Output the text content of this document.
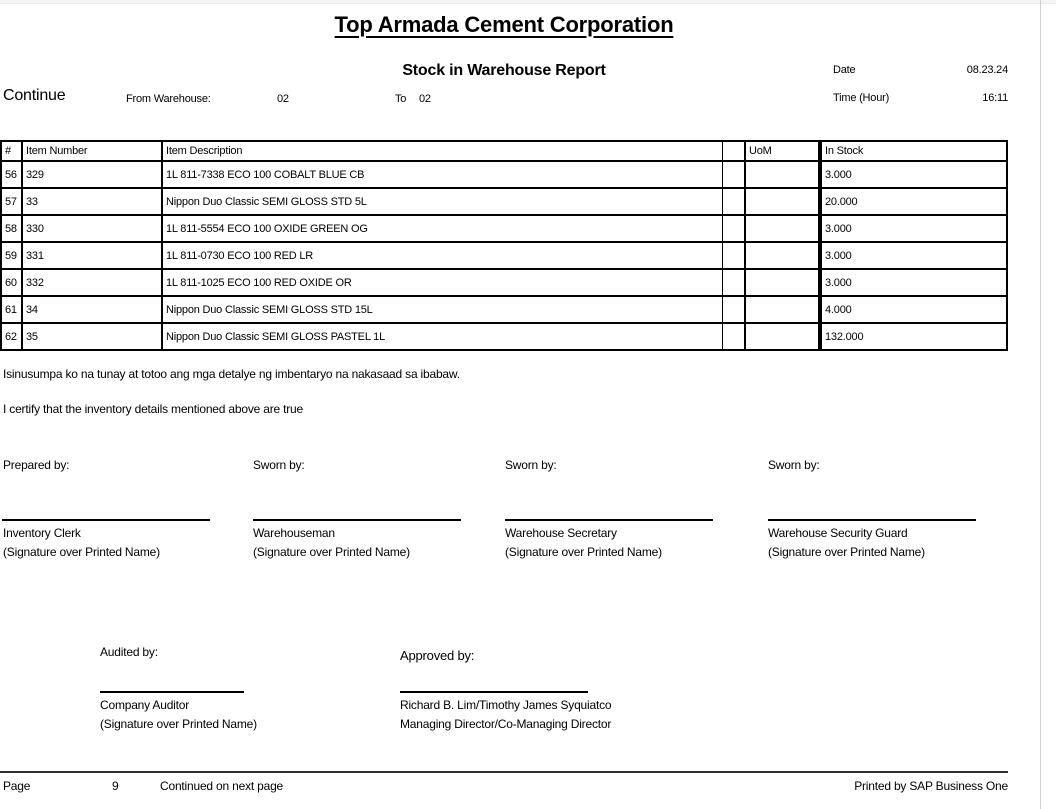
Top Armada Cement Corporation
Stock in Warehouse Report
Continue	From Warehouse:	02	To 02
Date	08.23.24
Time (Hour)	16:11
#	Item Number	Item Description		UoM	In Stock
56	329	1L 811-7338 ECO 100 COBALT BLUE CB			3.000
57	33	Nippon Duo Classic SEMI GLOSS STD 5L			20.000
58	330	1L 811-5554 ECO 100 OXIDE GREEN OG			3.000
59	331	1L 811-0730 ECO 100 RED LR			3.000
60	332	1L 811-1025 ECO 100 RED OXIDE OR			3.000
61	34	Nippon Duo Classic SEMI GLOSS STD 15L			4.000
62	35	Nippon Duo Classic SEMI GLOSS PASTEL 1L			132.000
Isinusumpa ko na tunay at totoo ang mga detalye ng imbentaryo na nakasaad sa ibabaw.
I certify that the inventory details mentioned above are true
Prepared by:	Sworn by:	Sworn by:	Sworn by:
Inventory Clerk	Warehouseman	Warehouse Secretary	Warehouse Security Guard
(Signature over Printed Name)	(Signature over Printed Name)	(Signature over Printed Name)	(Signature over Printed Name)
Audited by:	Approved by:
Company Auditor
(Signature over Printed Name)
Richard B. Lim/Timothy James Syquiatco
Managing Director/Co-Managing Director
Page	9	Continued on next page	Printed by SAP Business One
